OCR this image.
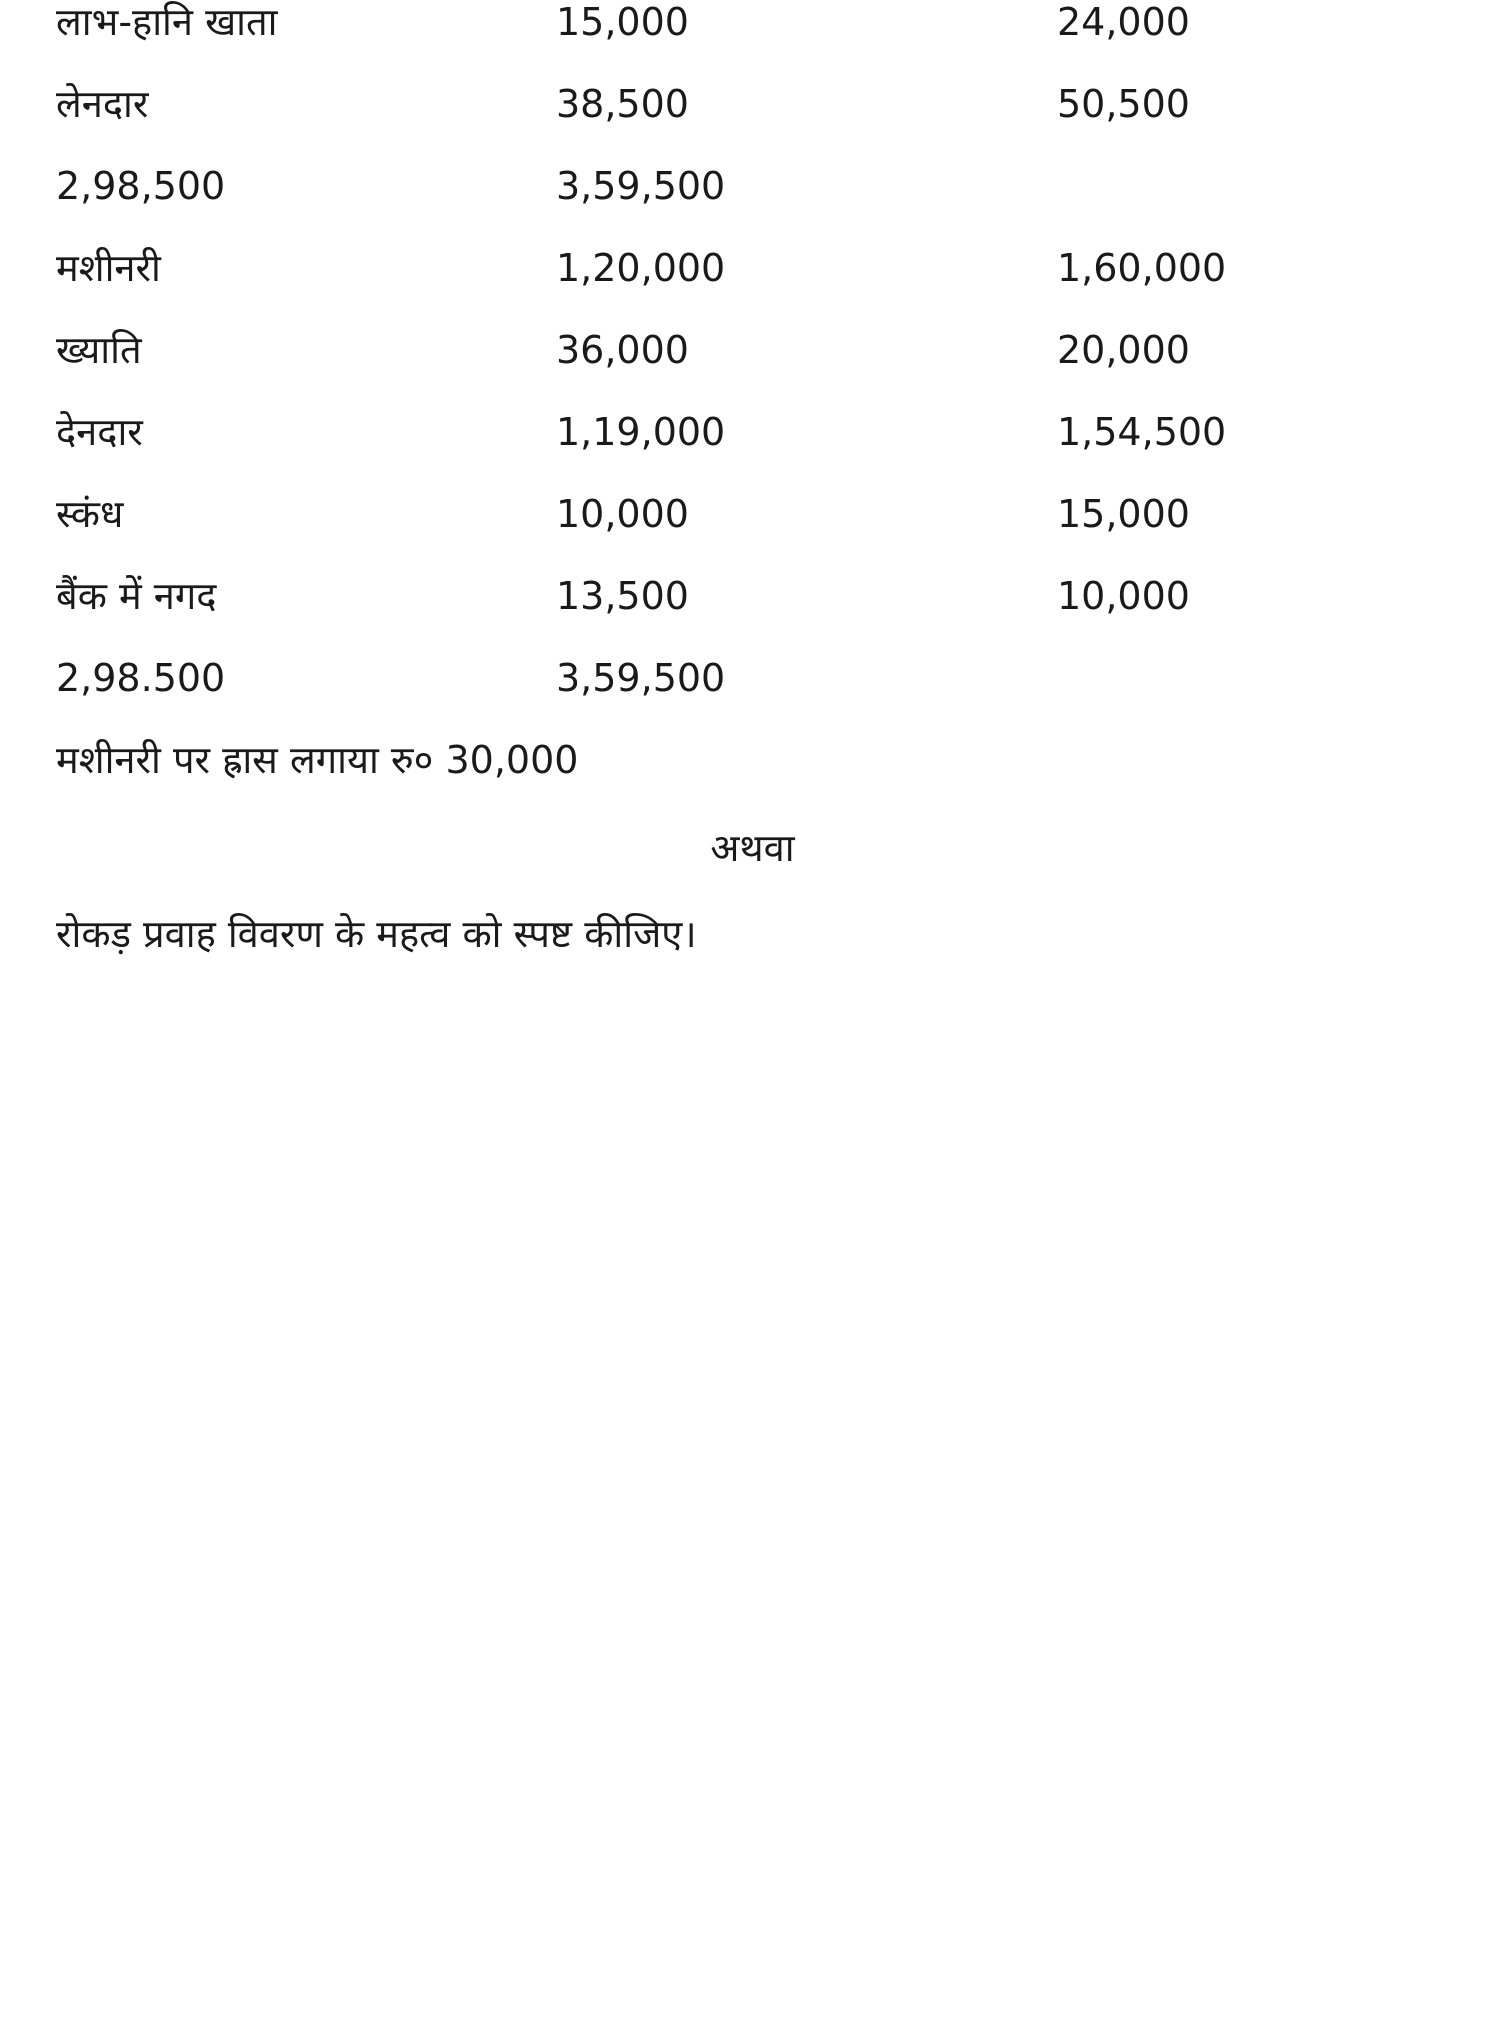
लाभ-हानि खाता	15,000	24,000
लेनदार	38,500	50,500
2,98,500	3,59,500
मशीनरी	1,20,000	1,60,000
ख्याति	36,000	20,000
देनदार	1,19,000	1,54,500
स्कंध	10,000	15,000
बैंक में नगद	13,500	10,000
2,98.500	3,59,500
मशीनरी पर ह्रास लगाया रु० 30,000
अथवा
रोकड़ प्रवाह विवरण के महत्व को स्पष्ट कीजिए।
